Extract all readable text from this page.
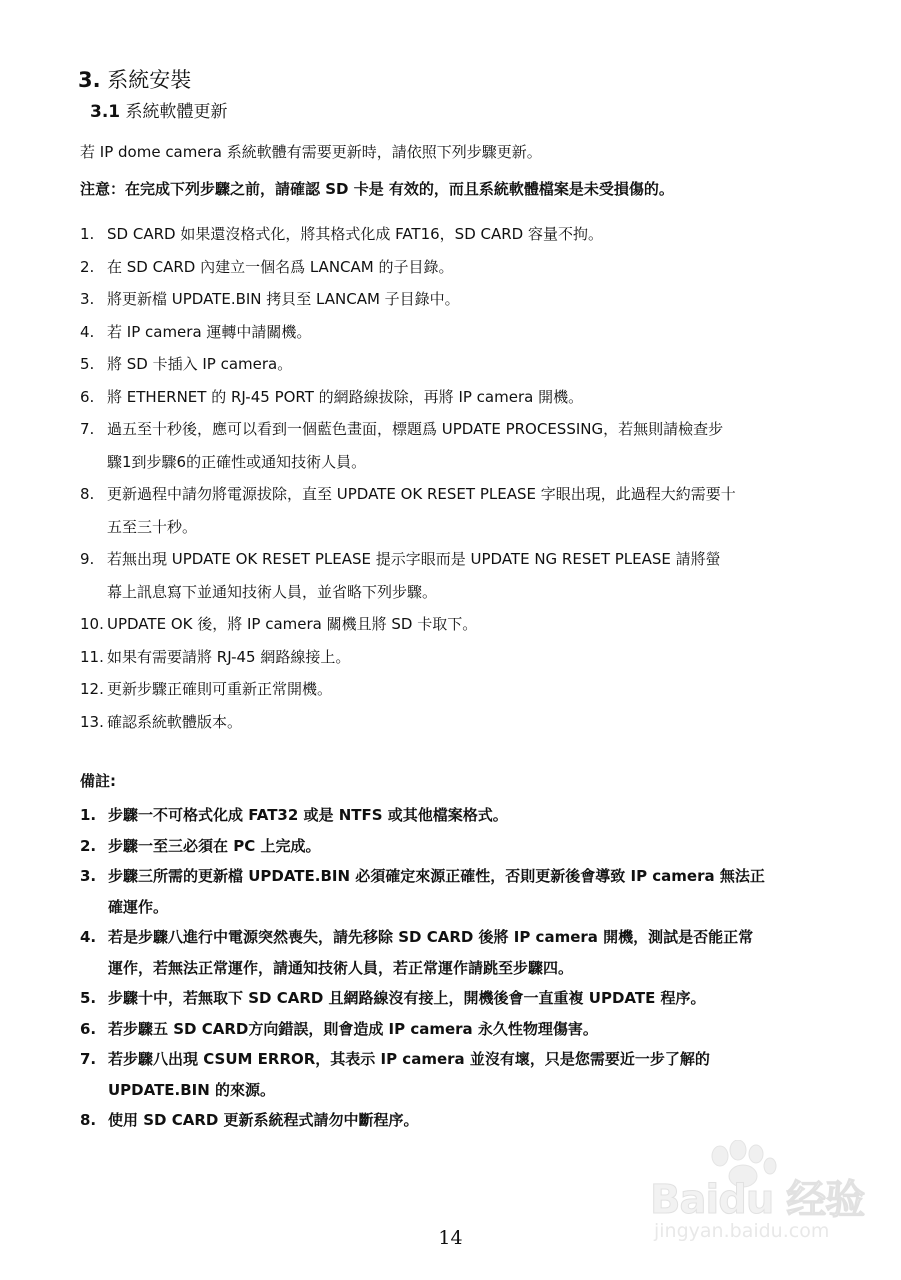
3. 系統安裝
3.1 系統軟體更新
若 IP dome camera 系統軟體有需要更新時，請依照下列步驟更新。
注意：在完成下列步驟之前，請確認 SD 卡是 有效的，而且系統軟體檔案是未受損傷的。
1. SD CARD 如果還沒格式化，將其格式化成 FAT16，SD CARD 容量不拘。
2. 在 SD CARD 內建立一個名爲 LANCAM 的子目錄。
3. 將更新檔 UPDATE.BIN 拷貝至 LANCAM 子目錄中。
4. 若 IP camera 運轉中請關機。
5. 將 SD 卡插入 IP camera。
6. 將 ETHERNET 的 RJ-45 PORT 的網路線拔除，再將 IP camera 開機。
7. 過五至十秒後，應可以看到一個藍色畫面，標題爲 UPDATE PROCESSING，若無則請檢查步
驟1到步驟6的正確性或通知技術人員。
8. 更新過程中請勿將電源拔除，直至 UPDATE OK RESET PLEASE 字眼出現，此過程大約需要十
五至三十秒。
9. 若無出現 UPDATE OK RESET PLEASE 提示字眼而是 UPDATE NG RESET PLEASE 請將螢
幕上訊息寫下並通知技術人員，並省略下列步驟。
10. UPDATE OK 後，將 IP camera 關機且將 SD 卡取下。
11. 如果有需要請將 RJ-45 網路線接上。
12. 更新步驟正確則可重新正常開機。
13. 確認系統軟體版本。
備註:
1. 步驟一不可格式化成 FAT32 或是 NTFS 或其他檔案格式。
2. 步驟一至三必須在 PC 上完成。
3. 步驟三所需的更新檔 UPDATE.BIN 必須確定來源正確性，否則更新後會導致 IP camera 無法正
確運作。
4. 若是步驟八進行中電源突然喪失，請先移除 SD CARD 後將 IP camera 開機，測試是否能正常
運作，若無法正常運作，請通知技術人員，若正常運作請跳至步驟四。
5. 步驟十中，若無取下 SD CARD 且網路線沒有接上，開機後會一直重複 UPDATE 程序。
6. 若步驟五 SD CARD方向錯誤，則會造成 IP camera 永久性物理傷害。
7. 若步驟八出現 CSUM ERROR，其表示 IP camera 並沒有壞，只是您需要近一步了解的
UPDATE.BIN 的來源。
8. 使用 SD CARD 更新系統程式請勿中斷程序。
14
Baidu 经验
jingyan.baidu.com
